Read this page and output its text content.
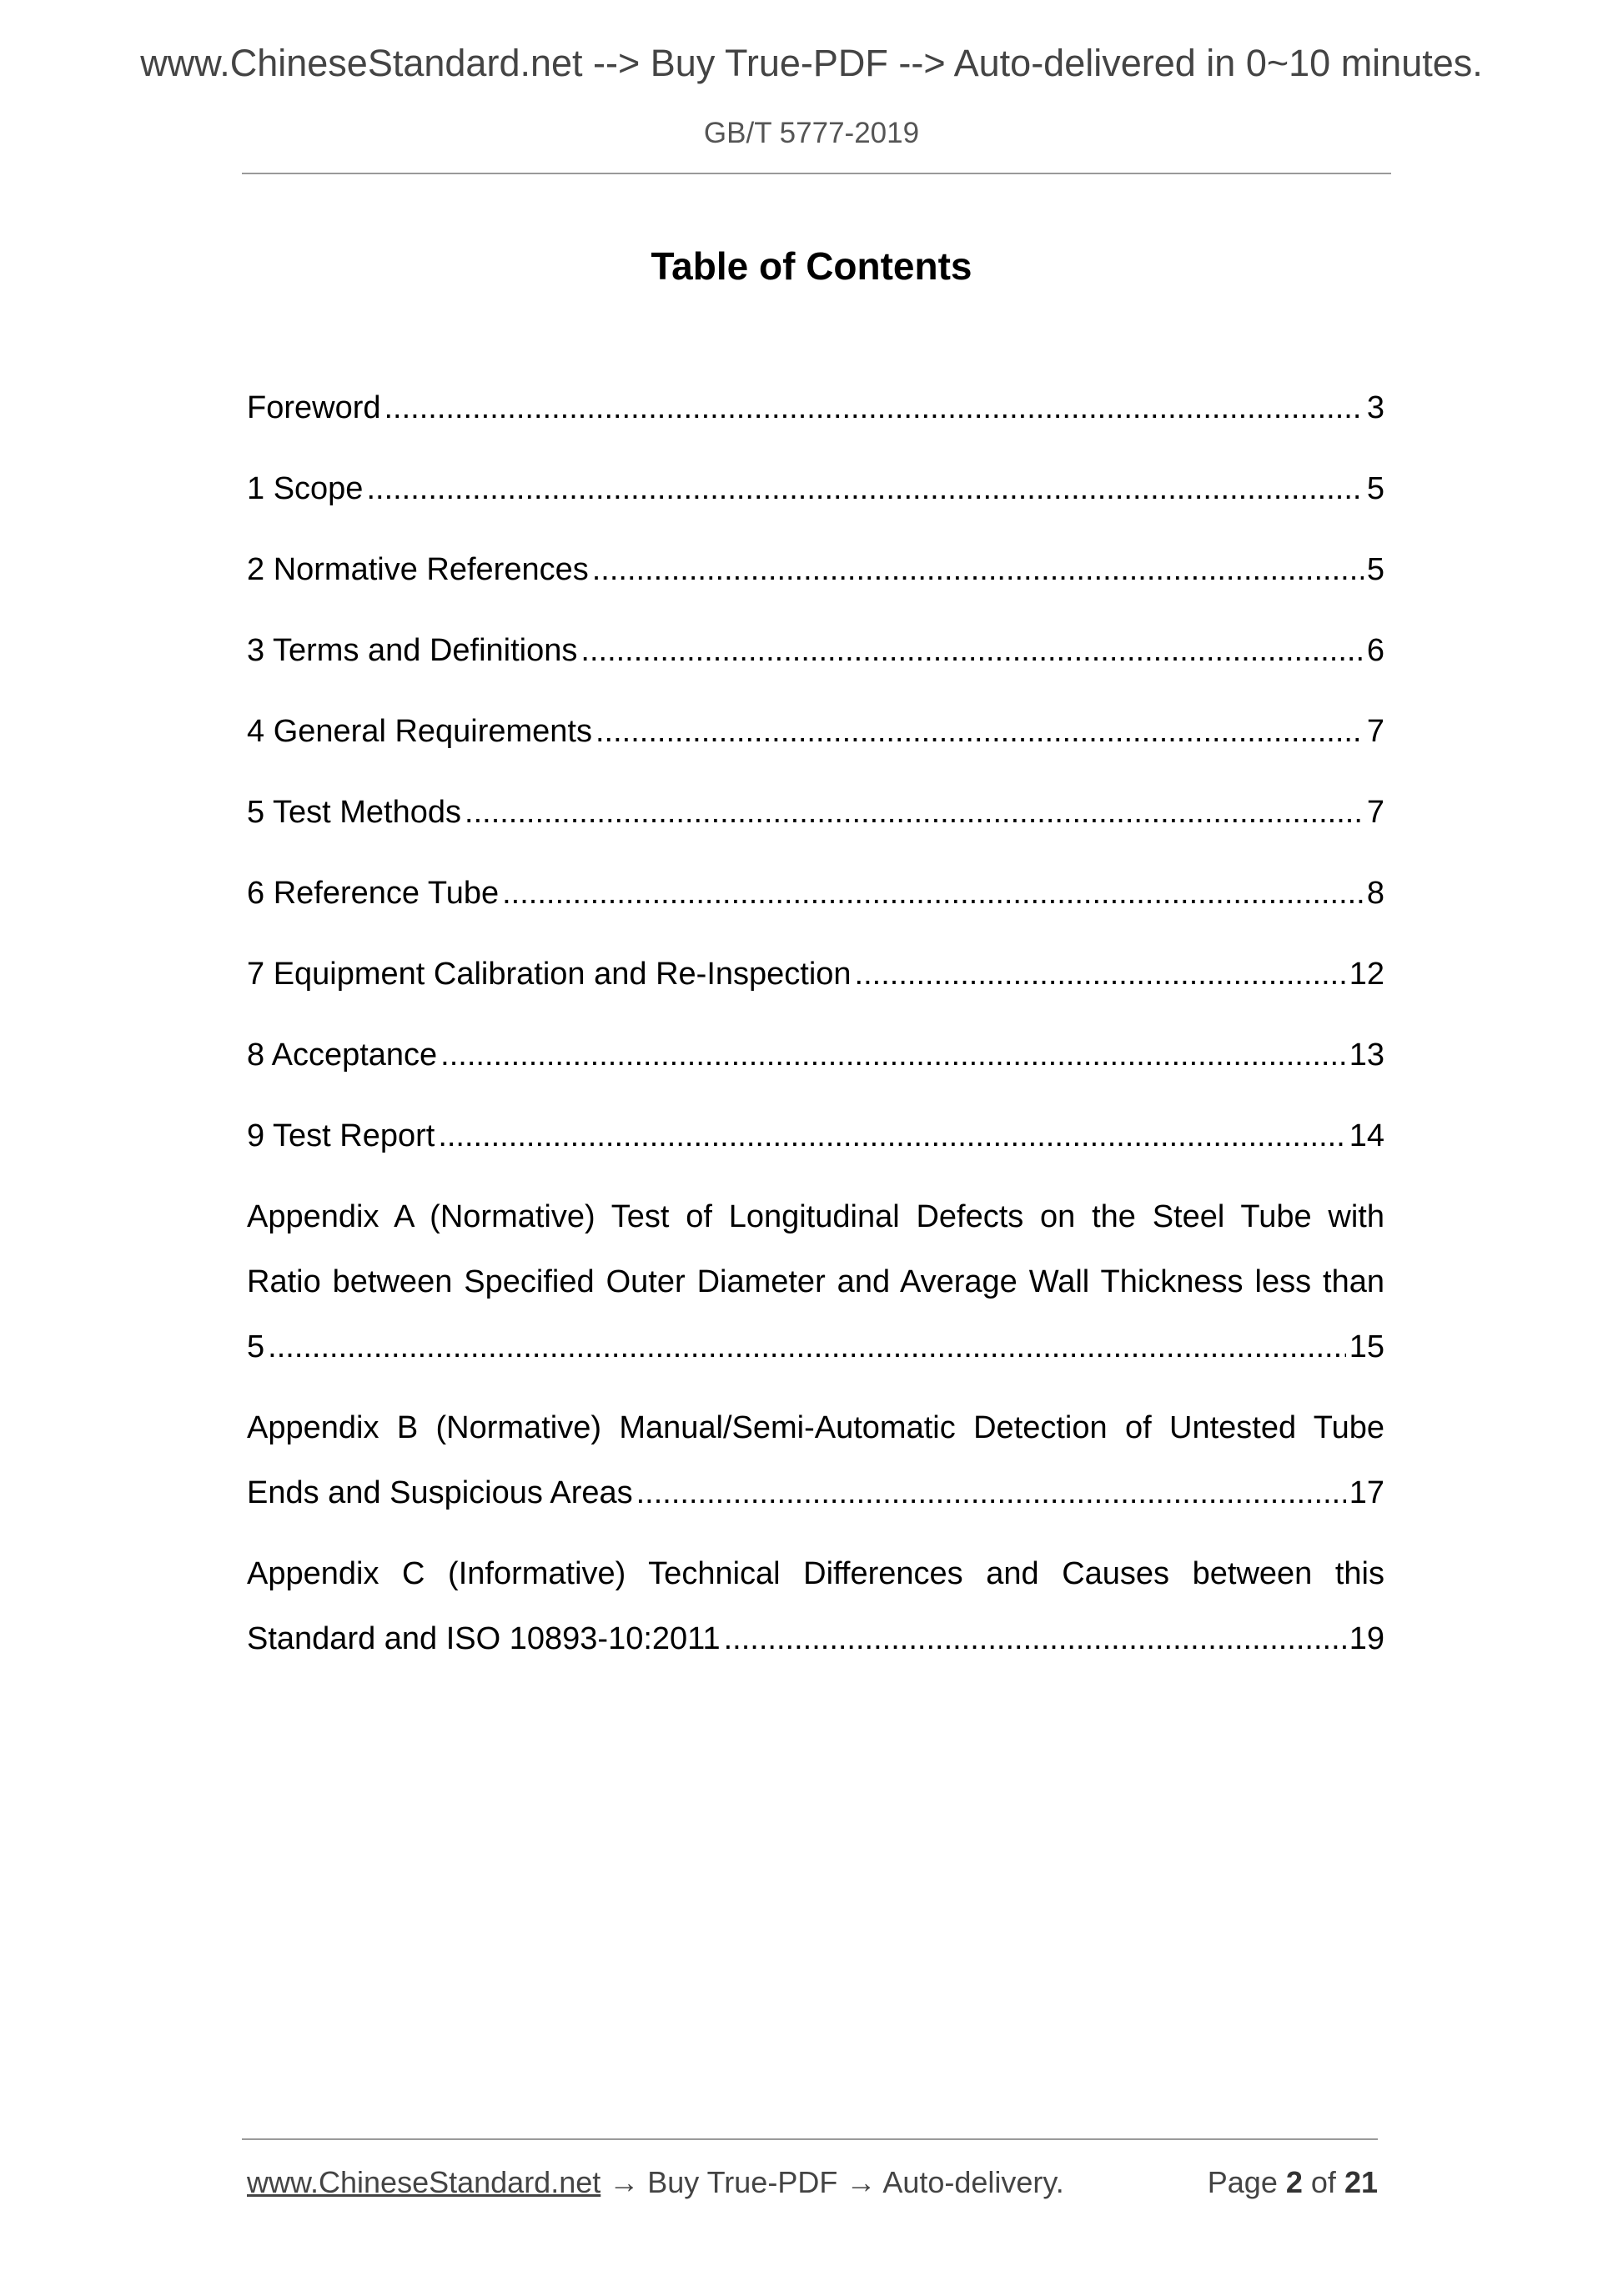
www.ChineseStandard.net --> Buy True-PDF --> Auto-delivered in 0~10 minutes.
GB/T 5777-2019
Table of Contents
Foreword .....	3
1 Scope .....	5
2 Normative References .....	5
3 Terms and Definitions .....	6
4 General Requirements .....	7
5 Test Methods .....	7
6 Reference Tube .....	8
7 Equipment Calibration and Re-Inspection .....	12
8 Acceptance .....	13
9 Test Report .....	14
Appendix A (Normative) Test of Longitudinal Defects on the Steel Tube with
Ratio between Specified Outer Diameter and Average Wall Thickness less than
5 .....	15
Appendix B (Normative) Manual/Semi-Automatic Detection of Untested Tube
Ends and Suspicious Areas .....	17
Appendix C (Informative) Technical Differences and Causes between this
Standard and ISO 10893-10:2011 .....	19
www.ChineseStandard.net → Buy True-PDF → Auto-delivery.	Page 2 of 21
